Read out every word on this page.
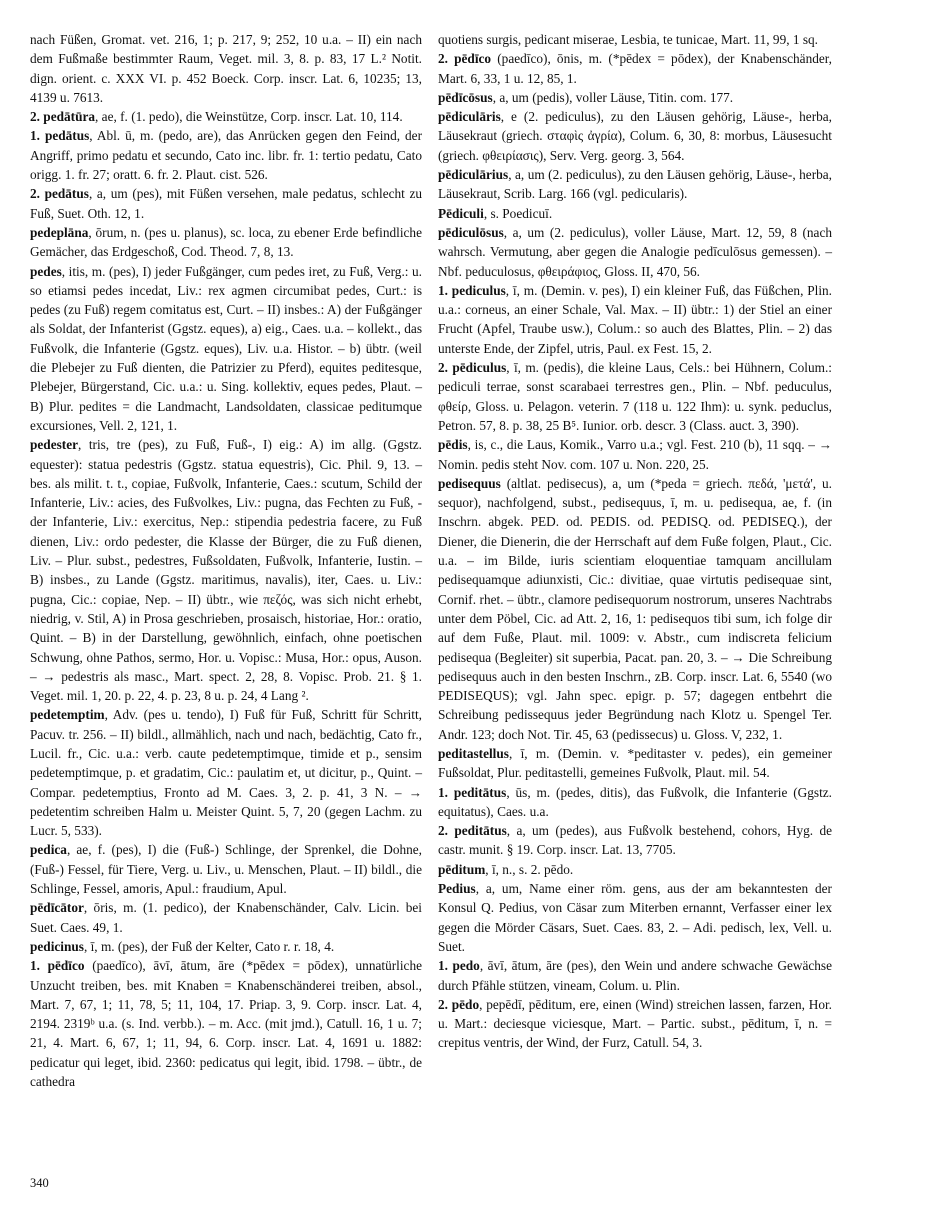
nach Füßen, Gromat. vet. 216, 1; p. 217, 9; 252, 10 u.a. – II) ein nach dem Fußmaße bestimmter Raum, Veget. mil. 3, 8. p. 83, 17 L.² Notit. dign. orient. c. XXX VI. p. 452 Boeck. Corp. inscr. Lat. 6, 10235; 13, 4139 u. 7613.

2. pedātūra, ae, f. (1. pedo), die Weinstütze, Corp. inscr. Lat. 10, 114.

1. pedātus, Abl. ū, m. (pedo, are), das Anrücken gegen den Feind, der Angriff, primo pedatu et secundo, Cato inc. libr. fr. 1: tertio pedatu, Cato origg. 1. fr. 27; oratt. 6. fr. 2. Plaut. cist. 526.

2. pedātus, a, um (pes), mit Füßen versehen, male pedatus, schlecht zu Fuß, Suet. Oth. 12, 1.

pedeplāna, ōrum, n. (pes u. planus), sc. loca, zu ebener Erde befindliche Gemächer, das Erdgeschoß, Cod. Theod. 7, 8, 13.

pedes, itis, m. (pes), I) jeder Fußgänger, cum pedes iret, zu Fuß, Verg.: u. so etiamsi pedes incedat, Liv.: rex agmen circumibat pedes, Curt.: is pedes (zu Fuß) regem comitatus est, Curt. – II) insbes.: A) der Fußgänger als Soldat, der Infanterist (Ggstz. eques), a) eig., Caes. u.a. – kollekt., das Fußvolk, die Infanterie (Ggstz. eques), Liv. u.a. Histor. – b) übtr. (weil die Plebejer zu Fuß dienten, die Patrizier zu Pferd), equites peditesque, Plebejer, Bürgerstand, Cic. u.a.: u. Sing. kollektiv, eques pedes, Plaut. – B) Plur. pedites = die Landmacht, Landsoldaten, classicae peditumque excursiones, Vell. 2, 121, 1.

pedester, tris, tre (pes), zu Fuß, Fuß-, I) eig.: A) im allg. (Ggstz. equester): statua pedestris (Ggstz. statua equestris), Cic. Phil. 9, 13. – bes. als milit. t. t., copiae, Fußvolk, Infanterie, Caes.: scutum, Schild der Infanterie, Liv.: acies, des Fußvolkes, Liv.: pugna, das Fechten zu Fuß, -der Infanterie, Liv.: exercitus, Nep.: stipendia pedestria facere, zu Fuß dienen, Liv.: ordo pedester, die Klasse der Bürger, die zu Fuß dienen, Liv. – Plur. subst., pedestres, Fußsoldaten, Fußvolk, Infanterie, Iustin. – B) insbes., zu Lande (Ggstz. maritimus, navalis), iter, Caes. u. Liv.: pugna, Cic.: copiae, Nep. – II) übtr., wie πεζός, was sich nicht erhebt, niedrig, v. Stil, A) in Prosa geschrieben, prosaisch, historiae, Hor.: oratio, Quint. – B) in der Darstellung, gewöhnlich, einfach, ohne poetischen Schwung, ohne Pathos, sermo, Hor. u. Vopisc.: Musa, Hor.: opus, Auson. – → pedestris als masc., Mart. spect. 2, 28, 8. Vopisc. Prob. 21. § 1. Veget. mil. 1, 20. p. 22, 4. p. 23, 8 u. p. 24, 4 Lang ².

pedetemptim, Adv. (pes u. tendo), I) Fuß für Fuß, Schritt für Schritt, Pacuv. tr. 256. – II) bildl., allmählich, nach und nach, bedächtig, Cato fr., Lucil. fr., Cic. u.a.: verb. caute pedetemptimque, timide et p., sensim pedetemptimque, p. et gradatim, Cic.: paulatim et, ut dicitur, p., Quint. – Compar. pedetemptius, Fronto ad M. Caes. 3, 2. p. 41, 3 N. – → pedetentim schreiben Halm u. Meister Quint. 5, 7, 20 (gegen Lachm. zu Lucr. 5, 533).

pedica, ae, f. (pes), I) die (Fuß-) Schlinge, der Sprenkel, die Dohne, (Fuß-) Fessel, für Tiere, Verg. u. Liv., u. Menschen, Plaut. – II) bildl., die Schlinge, Fessel, amoris, Apul.: fraudium, Apul.

pēdīcātor, ōris, m. (1. pedico), der Knabenschänder, Calv. Licin. bei Suet. Caes. 49, 1.

pedicinus, ī, m. (pes), der Fuß der Kelter, Cato r. r. 18, 4.

1. pēdīco (paedīco), āvī, ātum, āre (*pēdex = pōdex), unnatürliche Unzucht treiben, bes. mit Knaben = Knabenschänderei treiben, absol., Mart. 7, 67, 1; 11, 78, 5; 11, 104, 17. Priap. 3, 9. Corp. inscr. Lat. 4, 2194. 2319ᵇ u.a. (s. Ind. verbb.). – m. Acc. (mit jmd.), Catull. 16, 1 u. 7; 21, 4. Mart. 6, 67, 1; 11, 94, 6. Corp. inscr. Lat. 4, 1691 u. 1882: pedicatur qui leget, ibid. 2360: pedicatus qui legit, ibid. 1798. – übtr., de cathedra

quotiens surgis, pedicant miserae, Lesbia, te tunicae, Mart. 11, 99, 1 sq.

2. pēdīco (paedīco), ōnis, m. (*pēdex = pōdex), der Knabenschänder, Mart. 6, 33, 1 u. 12, 85, 1.

pēdīcōsus, a, um (pedis), voller Läuse, Titin. com. 177.

pēdiculāris, e (2. pediculus), zu den Läusen gehörig, Läuse-, herba, Läusekraut (griech. σταφὶς ἀγρία), Colum. 6, 30, 8: morbus, Läusesucht (griech. φθειρίασις), Serv. Verg. georg. 3, 564.

pēdiculārius, a, um (2. pediculus), zu den Läusen gehörig, Läuse-, herba, Läusekraut, Scrib. Larg. 166 (vgl. pedicularis).

Pēdiculi, s. Poedicuī.

pēdiculōsus, a, um (2. pediculus), voller Läuse, Mart. 12, 59, 8 (nach wahrsch. Vermutung, aber gegen die Analogie pedīculōsus gemessen). – Nbf. peduculosus, φθειράφιος, Gloss. II, 470, 56.

1. pediculus, ī, m. (Demin. v. pes), I) ein kleiner Fuß, das Füßchen, Plin. u.a.: corneus, an einer Schale, Val. Max. – II) übtr.: 1) der Stiel an einer Frucht (Apfel, Traube usw.), Colum.: so auch des Blattes, Plin. – 2) das unterste Ende, der Zipfel, utris, Paul. ex Fest. 15, 2.

2. pēdiculus, ī, m. (pedis), die kleine Laus, Cels.: bei Hühnern, Colum.: pediculi terrae, sonst scarabaei terrestres gen., Plin. – Nbf. peduculus, φθείρ, Gloss. u. Pelagon. veterin. 7 (118 u. 122 Ihm): u. synk. peduclus, Petron. 57, 8. p. 38, 25 B⁵. Iunior. orb. descr. 3 (Class. auct. 3, 390).

pēdis, is, c., die Laus, Komik., Varro u.a.; vgl. Fest. 210 (b), 11 sqq. – → Nomin. pedis steht Nov. com. 107 u. Non. 220, 25.

pedisequus (altlat. pedisecus), a, um (*peda = griech. πεδά, 'μετά', u. sequor), nachfolgend, subst., pedisequus, ī, m. u. pedisequa, ae, f. (in Inschrn. abgek. PED. od. PEDIS. od. PEDISQ. od. PEDISEQ.), der Diener, die Dienerin, die der Herrschaft auf dem Fuße folgen, Plaut., Cic. u.a. – im Bilde, iuris scientiam eloquentiae tamquam ancillulam pedisequamque adiunxisti, Cic.: divitiae, quae virtutis pedisequae sint, Cornif. rhet. – übtr., clamore pedisequorum nostrorum, unseres Nachtrabs unter dem Pöbel, Cic. ad Att. 2, 16, 1: pedisequos tibi sum, ich folge dir auf dem Fuße, Plaut. mil. 1009: v. Abstr., cum indiscreta felicium pedisequa (Begleiter) sit superbia, Pacat. pan. 20, 3. – → Die Schreibung pedisequus auch in den besten Inschrn., zB. Corp. inscr. Lat. 6, 5540 (wo PEDISEQUS); vgl. Jahn spec. epigr. p. 57; dagegen entbehrt die Schreibung pedissequus jeder Begründung nach Klotz u. Spengel Ter. Andr. 123; doch Not. Tir. 45, 63 (pedissecus) u. Gloss. V, 232, 1.

peditastellus, ī, m. (Demin. v. *peditaster v. pedes), ein gemeiner Fußsoldat, Plur. peditastelli, gemeines Fußvolk, Plaut. mil. 54.

1. peditātus, ūs, m. (pedes, ditis), das Fußvolk, die Infanterie (Ggstz. equitatus), Caes. u.a.

2. peditātus, a, um (pedes), aus Fußvolk bestehend, cohors, Hyg. de castr. munit. § 19. Corp. inscr. Lat. 13, 7705.

pēditum, ī, n., s. 2. pēdo.

Pedius, a, um, Name einer röm. gens, aus der am bekanntesten der Konsul Q. Pedius, von Cäsar zum Miterben ernannt, Verfasser einer lex gegen die Mörder Cäsars, Suet. Caes. 83, 2. – Adi. pedisch, lex, Vell. u. Suet.

1. pedo, āvī, ātum, āre (pes), den Wein und andere schwache Gewächse durch Pfähle stützen, vineam, Colum. u. Plin.

2. pēdo, pepēdī, pēditum, ere, einen (Wind) streichen lassen, farzen, Hor. u. Mart.: deciesque viciesque, Mart. – Partic. subst., pēditum, ī, n. = crepitus ventris, der Wind, der Furz, Catull. 54, 3.

340
